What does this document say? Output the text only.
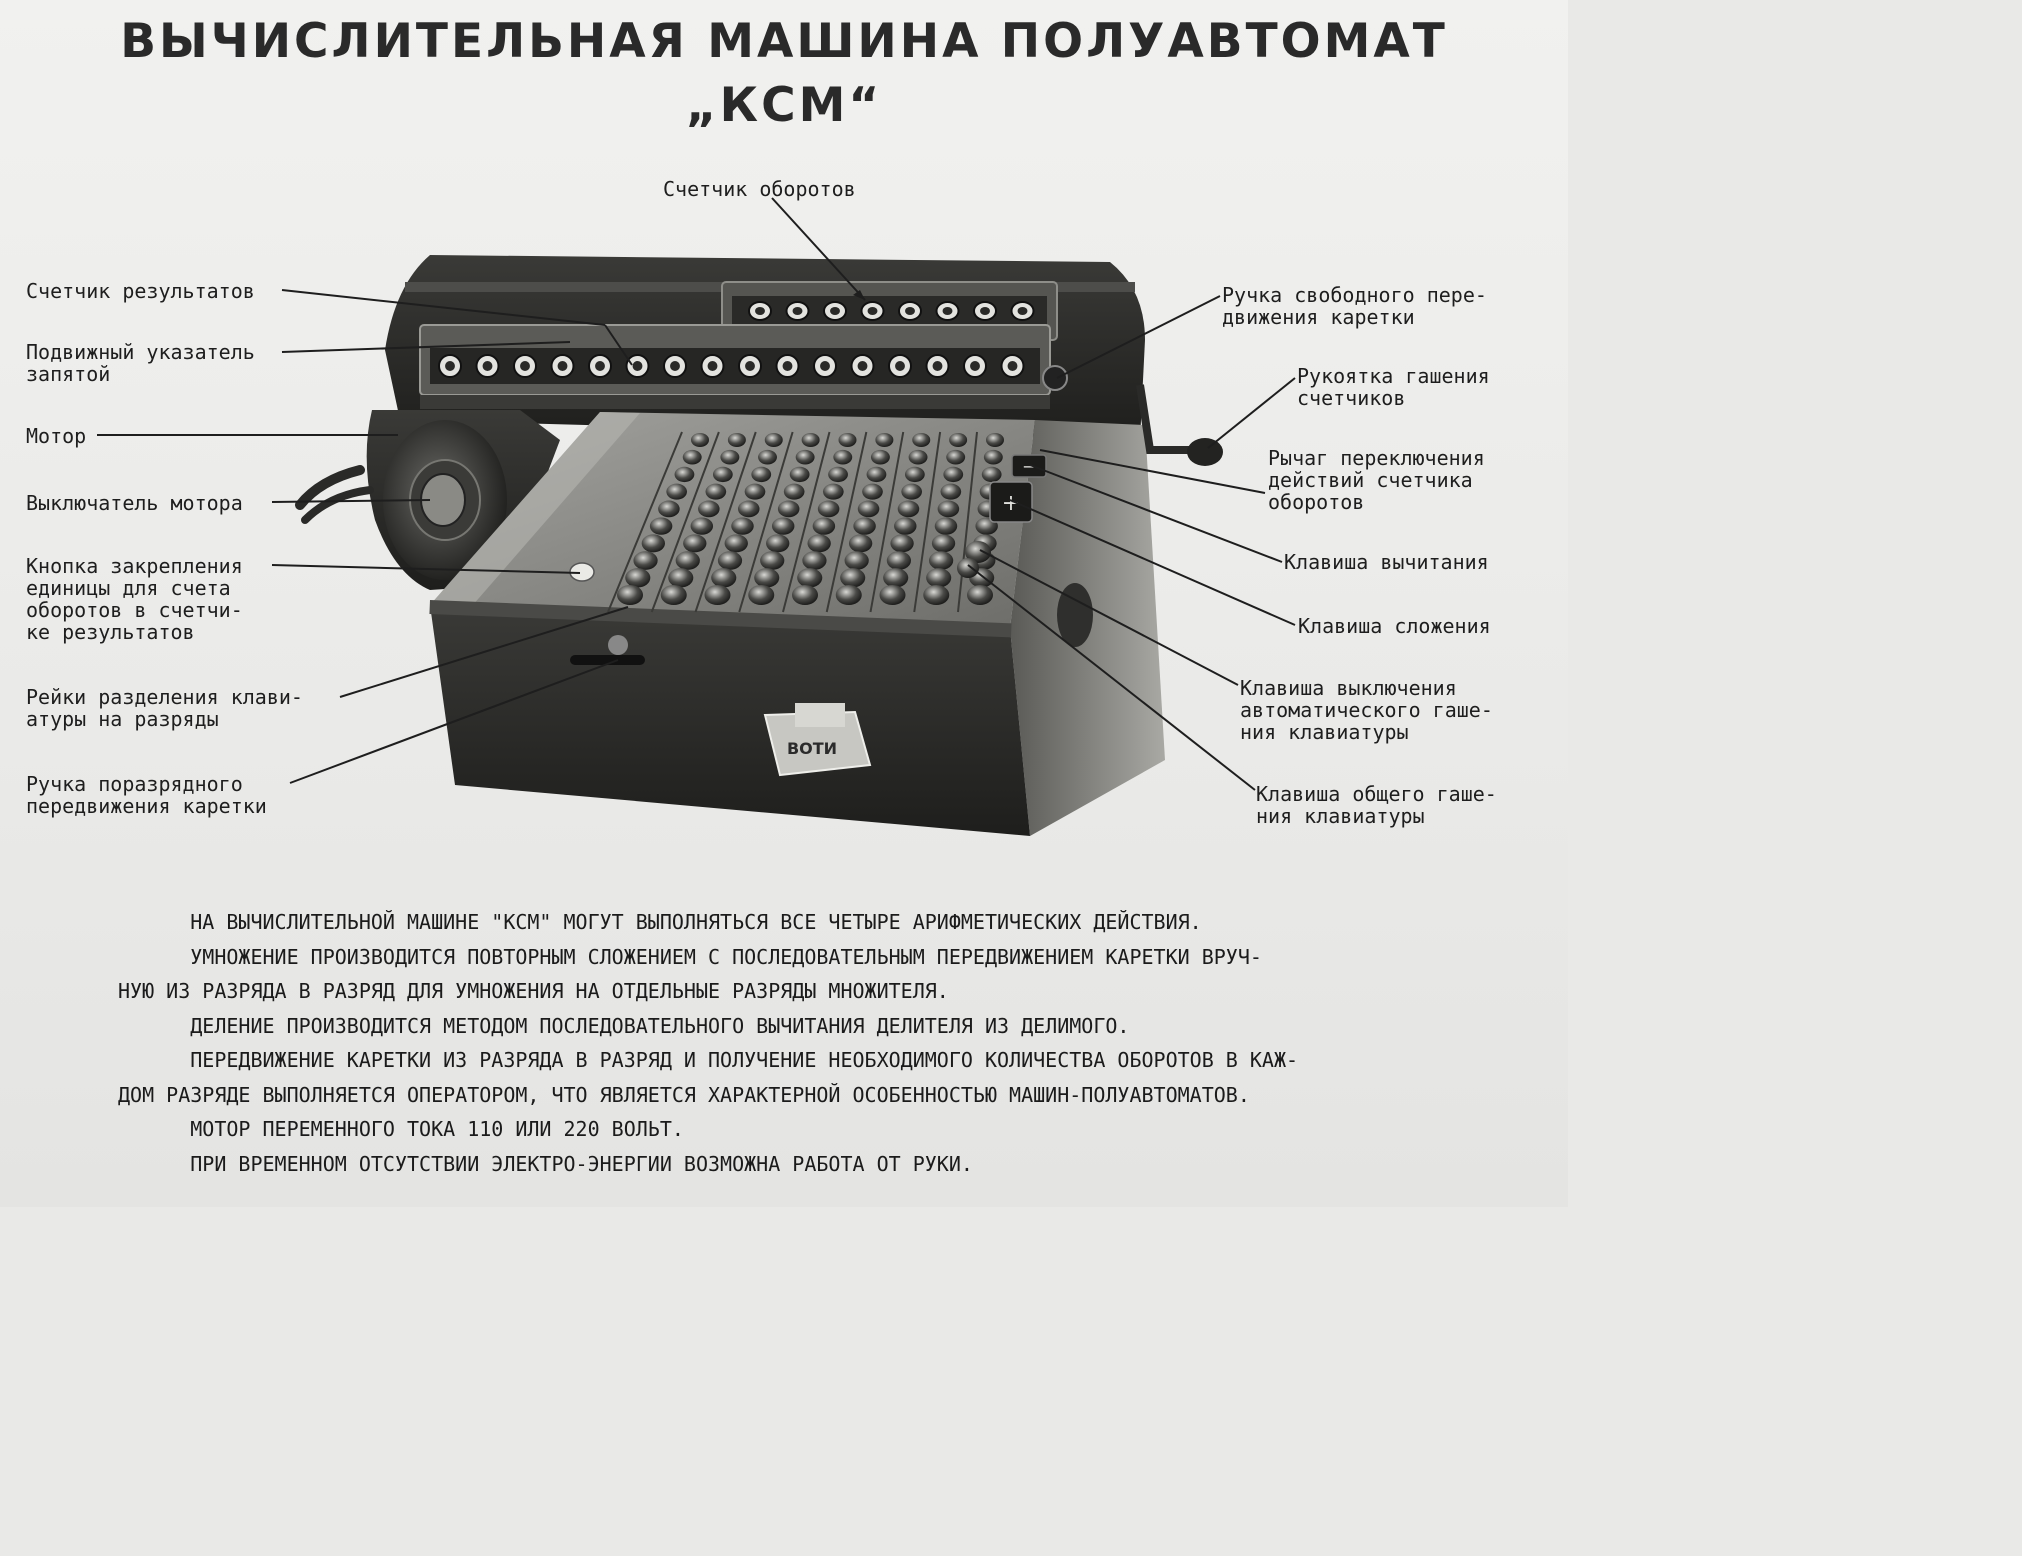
ВЫЧИСЛИТЕЛЬНАЯ МАШИНА ПОЛУАВТОМАТ
„КСМ“
ВОТИ
+
−
Счетчик оборотов
Счетчик результатов
Подвижный указатель
запятой
Мотор
Выключатель мотора
Кнопка закрепления
единицы для счета
оборотов в счетчи-
ке результатов
Рейки разделения клави-
атуры на разряды
Ручка поразрядного
передвижения каретки
Ручка свободного пере-
движения каретки
Рукоятка гашения
счетчиков
Рычаг переключения
действий счетчика
оборотов
Клавиша вычитания
Клавиша сложения
Клавиша выключения
автоматического гаше-
ния клавиатуры
Клавиша общего гаше-
ния клавиатуры

НА ВЫЧИСЛИТЕЛЬНОЙ МАШИНЕ "КСМ" МОГУТ ВЫПОЛНЯТЬСЯ ВСЕ ЧЕТЫРЕ АРИФМЕТИЧЕСКИХ ДЕЙСТВИЯ.

УМНОЖЕНИЕ ПРОИЗВОДИТСЯ ПОВТОРНЫМ СЛОЖЕНИЕМ С ПОСЛЕДОВАТЕЛЬНЫМ ПЕРЕДВИЖЕНИЕМ КАРЕТКИ ВРУЧ-

НУЮ ИЗ РАЗРЯДА В РАЗРЯД ДЛЯ УМНОЖЕНИЯ НА ОТДЕЛЬНЫЕ РАЗРЯДЫ МНОЖИТЕЛЯ.

ДЕЛЕНИЕ ПРОИЗВОДИТСЯ МЕТОДОМ ПОСЛЕДОВАТЕЛЬНОГО ВЫЧИТАНИЯ ДЕЛИТЕЛЯ ИЗ ДЕЛИМОГО.

ПЕРЕДВИЖЕНИЕ КАРЕТКИ ИЗ РАЗРЯДА В РАЗРЯД И ПОЛУЧЕНИЕ НЕОБХОДИМОГО КОЛИЧЕСТВА ОБОРОТОВ В КАЖ-

ДОМ РАЗРЯДЕ ВЫПОЛНЯЕТСЯ ОПЕРАТОРОМ, ЧТО ЯВЛЯЕТСЯ ХАРАКТЕРНОЙ ОСОБЕННОСТЬЮ МАШИН-ПОЛУАВТОМАТОВ.

МОТОР ПЕРЕМЕННОГО ТОКА 110 ИЛИ 220 ВОЛЬТ.

ПРИ ВРЕМЕННОМ ОТСУТСТВИИ ЭЛЕКТРО-ЭНЕРГИИ ВОЗМОЖНА РАБОТА ОТ РУКИ.
